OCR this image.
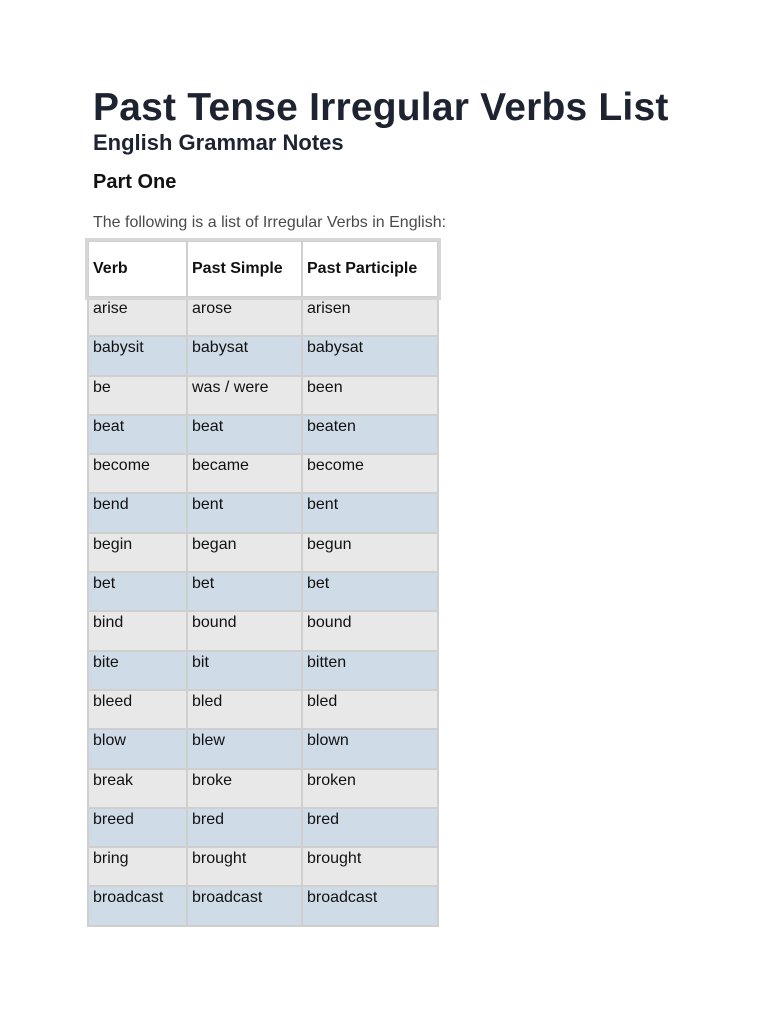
Past Tense Irregular Verbs List
English Grammar Notes
Part One

The following is a list of Irregular Verbs in English:

Verb	Past Simple	Past Participle
arise	arose	arisen
babysit	babysat	babysat
be	was / were	been
beat	beat	beaten
become	became	become
bend	bent	bent
begin	began	begun
bet	bet	bet
bind	bound	bound
bite	bit	bitten
bleed	bled	bled
blow	blew	blown
break	broke	broken
breed	bred	bred
bring	brought	brought
broadcast	broadcast	broadcast
